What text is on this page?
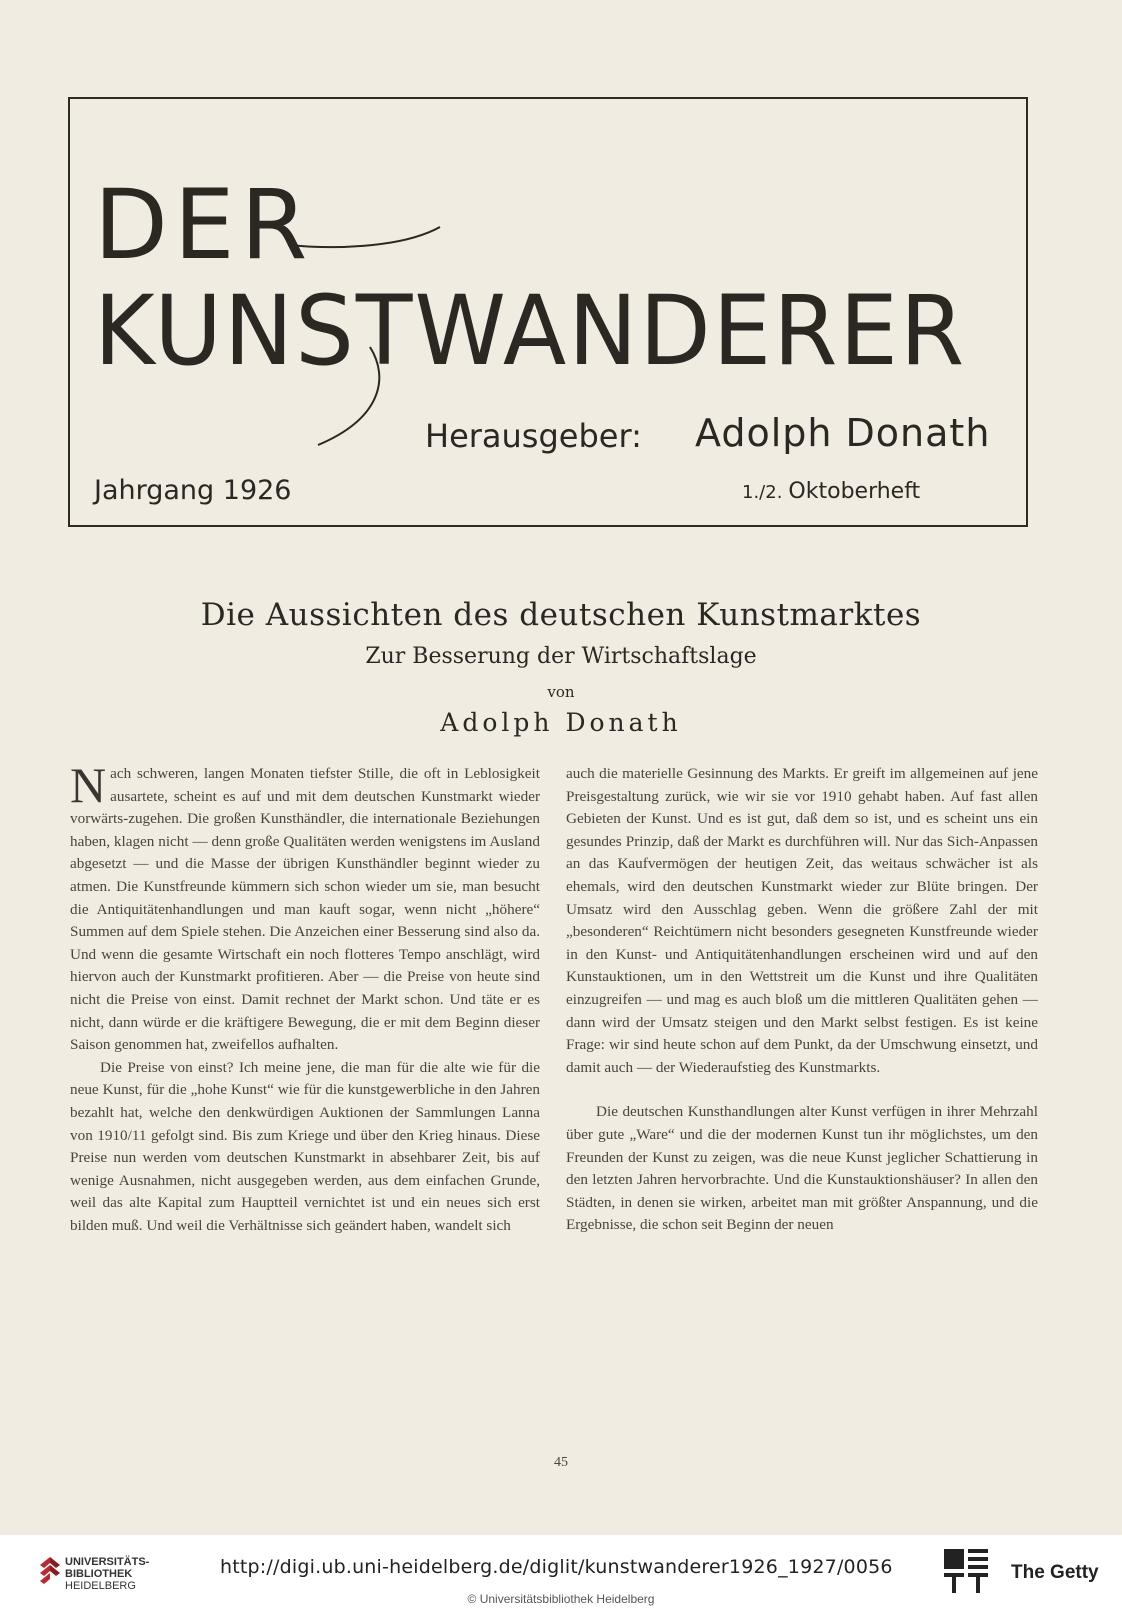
DER
KUNSTWANDERER
Herausgeber: Adolph Donath
Jahrgang 1926	1./2. Oktoberheft
Die Aussichten des deutschen Kunstmarktes
Zur Besserung der Wirtschaftslage
von
Adolph Donath

Nach schweren, langen Monaten tiefster Stille, die oft in Leblosigkeit ausartete, scheint es auf und mit dem deutschen Kunstmarkt wieder vorwärts-zugehen. Die großen Kunsthändler, die internationale Beziehungen haben, klagen nicht — denn große Qualitäten werden wenigstens im Ausland abgesetzt — und die Masse der übrigen Kunsthändler beginnt wieder zu atmen. Die Kunstfreunde kümmern sich schon wieder um sie, man besucht die Antiquitätenhandlungen und man kauft sogar, wenn nicht „höhere“ Summen auf dem Spiele stehen. Die Anzeichen einer Besserung sind also da. Und wenn die gesamte Wirtschaft ein noch flotteres Tempo anschlägt, wird hiervon auch der Kunstmarkt profitieren. Aber — die Preise von heute sind nicht die Preise von einst. Damit rechnet der Markt schon. Und täte er es nicht, dann würde er die kräftigere Bewegung, die er mit dem Beginn dieser Saison genommen hat, zweifellos aufhalten.

Die Preise von einst? Ich meine jene, die man für die alte wie für die neue Kunst, für die „hohe Kunst“ wie für die kunstgewerbliche in den Jahren bezahlt hat, welche den denkwürdigen Auktionen der Sammlungen Lanna von 1910/11 gefolgt sind. Bis zum Kriege und über den Krieg hinaus. Diese Preise nun werden vom deutschen Kunstmarkt in absehbarer Zeit, bis auf wenige Ausnahmen, nicht ausgegeben werden, aus dem einfachen Grunde, weil das alte Kapital zum Hauptteil vernichtet ist und ein neues sich erst bilden muß. Und weil die Verhältnisse sich geändert haben, wandelt sich

auch die materielle Gesinnung des Markts. Er greift im allgemeinen auf jene Preisgestaltung zurück, wie wir sie vor 1910 gehabt haben. Auf fast allen Gebieten der Kunst. Und es ist gut, daß dem so ist, und es scheint uns ein gesundes Prinzip, daß der Markt es durchführen will. Nur das Sich-Anpassen an das Kaufvermögen der heutigen Zeit, das weitaus schwächer ist als ehemals, wird den deutschen Kunstmarkt wieder zur Blüte bringen. Der Umsatz wird den Ausschlag geben. Wenn die größere Zahl der mit „besonderen“ Reichtümern nicht besonders gesegneten Kunstfreunde wieder in den Kunst- und Antiquitätenhandlungen erscheinen wird und auf den Kunstauktionen, um in den Wettstreit um die Kunst und ihre Qualitäten einzugreifen — und mag es auch bloß um die mittleren Qualitäten gehen — dann wird der Umsatz steigen und den Markt selbst festigen. Es ist keine Frage: wir sind heute schon auf dem Punkt, da der Umschwung einsetzt, und damit auch — der Wiederaufstieg des Kunstmarkts.

Die deutschen Kunsthandlungen alter Kunst verfügen in ihrer Mehrzahl über gute „Ware“ und die der modernen Kunst tun ihr möglichstes, um den Freunden der Kunst zu zeigen, was die neue Kunst jeglicher Schattierung in den letzten Jahren hervorbrachte. Und die Kunstauktionshäuser? In allen den Städten, in denen sie wirken, arbeitet man mit größter Anspannung, und die Ergebnisse, die schon seit Beginn der neuen

45
UNIVERSITÄTS-
BIBLIOTHEK
HEIDELBERG
http://digi.ub.uni-heidelberg.de/diglit/kunstwanderer1926_1927/0056
© Universitätsbibliothek Heidelberg
The Getty
